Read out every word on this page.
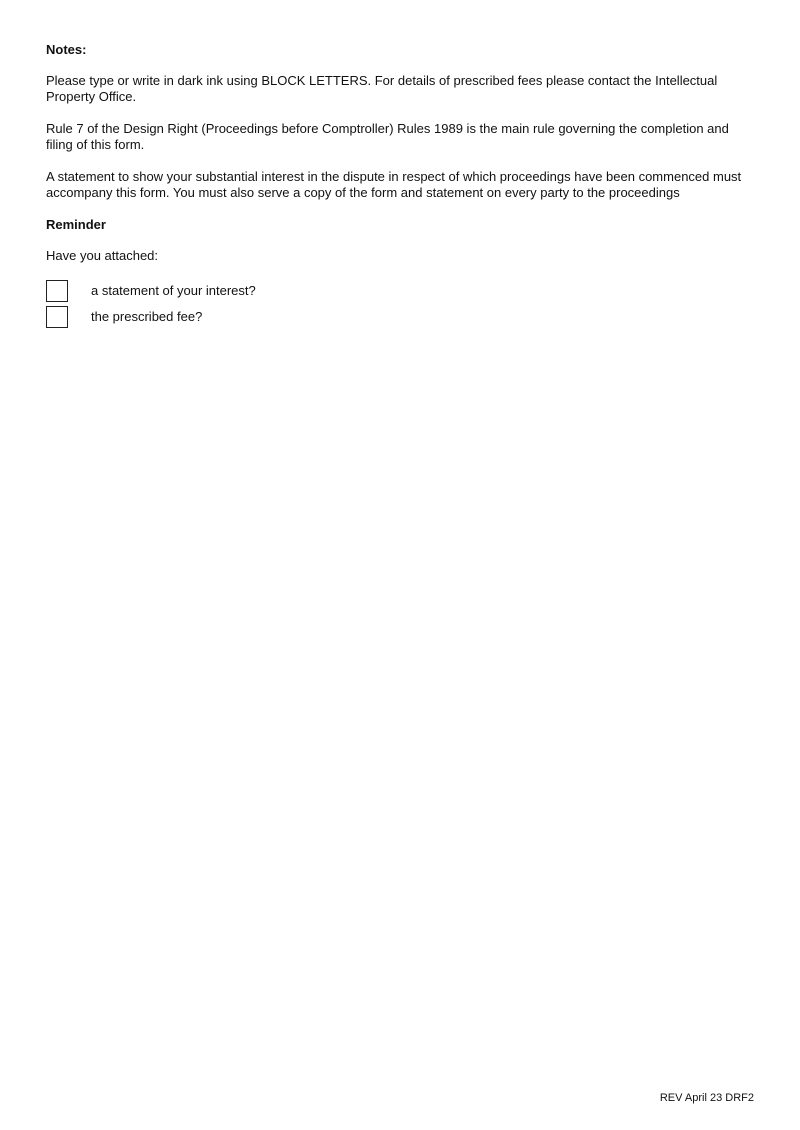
Notes:
Please type or write in dark ink using BLOCK LETTERS. For details of prescribed fees please contact the Intellectual Property Office.
Rule 7 of the Design Right (Proceedings before Comptroller) Rules 1989 is the main rule governing the completion and filing of this form.
A statement to show your substantial interest in the dispute in respect of which proceedings have been commenced must accompany this form. You must also serve a copy of the form and statement on every party to the proceedings
Reminder
Have you attached:
a statement of your interest?
the prescribed fee?
REV April 23 DRF2
